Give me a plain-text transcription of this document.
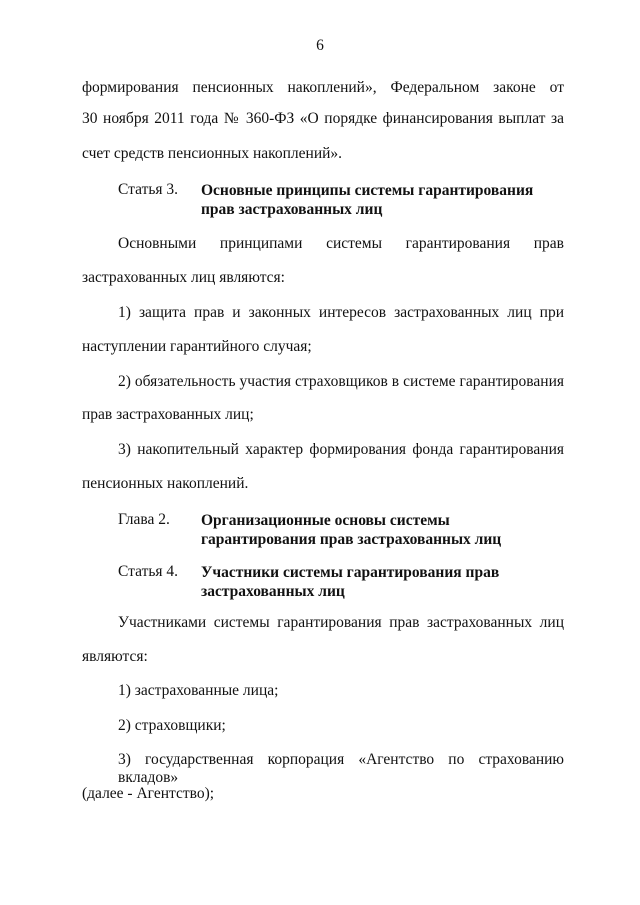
6
формирования пенсионных накоплений», Федеральном законе от
30 ноября 2011 года № 360-ФЗ «О порядке финансирования выплат за
счет средств пенсионных накоплений».
Статья 3. Основные принципы системы гарантирования прав застрахованных лиц
Основными принципами системы гарантирования прав
застрахованных лиц являются:
1) защита прав и законных интересов застрахованных лиц при
наступлении гарантийного случая;
2) обязательность участия страховщиков в системе гарантирования
прав застрахованных лиц;
3) накопительный характер формирования фонда гарантирования
пенсионных накоплений.
Глава 2. Организационные основы системы гарантирования прав застрахованных лиц
Статья 4. Участники системы гарантирования прав застрахованных лиц
Участниками системы гарантирования прав застрахованных лиц
являются:
1) застрахованные лица;
2) страховщики;
3) государственная корпорация «Агентство по страхованию вкладов»
(далее - Агентство);
